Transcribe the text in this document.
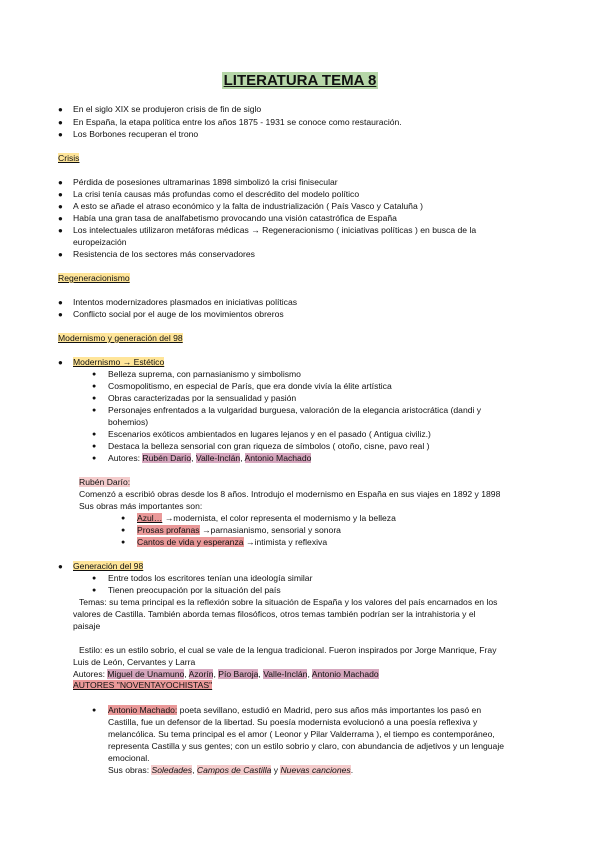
LITERATURA TEMA 8
● En el siglo XIX se produjeron crisis de fin de siglo
● En España, la etapa política entre los años 1875 - 1931 se conoce como restauración.
● Los Borbones recuperan el trono
Crisis
● Pérdida de posesiones ultramarinas 1898 simbolizó la crisi finisecular
● La crisi tenía causas más profundas como el descrédito del modelo político
● A esto se añade el atraso económico y la falta de industrialización ( País Vasco y Cataluña )
● Había una gran tasa de analfabetismo provocando una visión catastrófica de España
● Los intelectuales utilizaron metáforas médicas → Regeneracionismo ( iniciativas políticas ) en busca de la
europeización
● Resistencia de los sectores más conservadores
Regeneracionismo
● Intentos modernizadores plasmados en iniciativas políticas
● Conflicto social por el auge de los movimientos obreros
Modernismo y generación del 98
● Modernismo → Estético
● Belleza suprema, con parnasianismo y simbolismo
● Cosmopolitismo, en especial de París, que era donde vivía la élite artística
● Obras caracterizadas por la sensualidad y pasión
● Personajes enfrentados a la vulgaridad burguesa, valoración de la elegancia aristocrática (dandi y
bohemios)
● Escenarios exóticos ambientados en lugares lejanos y en el pasado ( Antigua civiliz.)
● Destaca la belleza sensorial con gran riqueza de símbolos ( otoño, cisne, pavo real )
● Autores: Rubén Darío, Valle-Inclán, Antonio Machado
Rubén Darío:
Comenzó a escribió obras desde los 8 años. Introdujo el modernismo en España en sus viajes en 1892 y 1898
Sus obras más importantes son:
● Azul… →modernista, el color representa el modernismo y la belleza
● Prosas profanas →parnasianismo, sensorial y sonora
● Cantos de vida y esperanza →intimista y reflexiva
● Generación del 98
● Entre todos los escritores tenían una ideología similar
● Tienen preocupación por la situación del país
Temas: su tema principal es la reflexión sobre la situación de España y los valores del país encarnados en los
valores de Castilla. También aborda temas filosóficos, otros temas también podrían ser la intrahistoria y el
paisaje
Estilo: es un estilo sobrio, el cual se vale de la lengua tradicional. Fueron inspirados por Jorge Manrique, Fray
Luis de León, Cervantes y Larra
Autores: Miguel de Unamuno, Azorín, Pío Baroja, Valle-Inclán, Antonio Machado
AUTORES "NOVENTAYOCHISTAS"
● Antonio Machado: poeta sevillano, estudió en Madrid, pero sus años más importantes los pasó en
Castilla, fue un defensor de la libertad. Su poesía modernista evolucionó a una poesía reflexiva y
melancólica. Su tema principal es el amor ( Leonor y Pilar Valderrama ), el tiempo es contemporáneo,
representa Castilla y sus gentes; con un estilo sobrio y claro, con abundancia de adjetivos y un lenguaje
emocional.
Sus obras: Soledades, Campos de Castilla y Nuevas canciones.
